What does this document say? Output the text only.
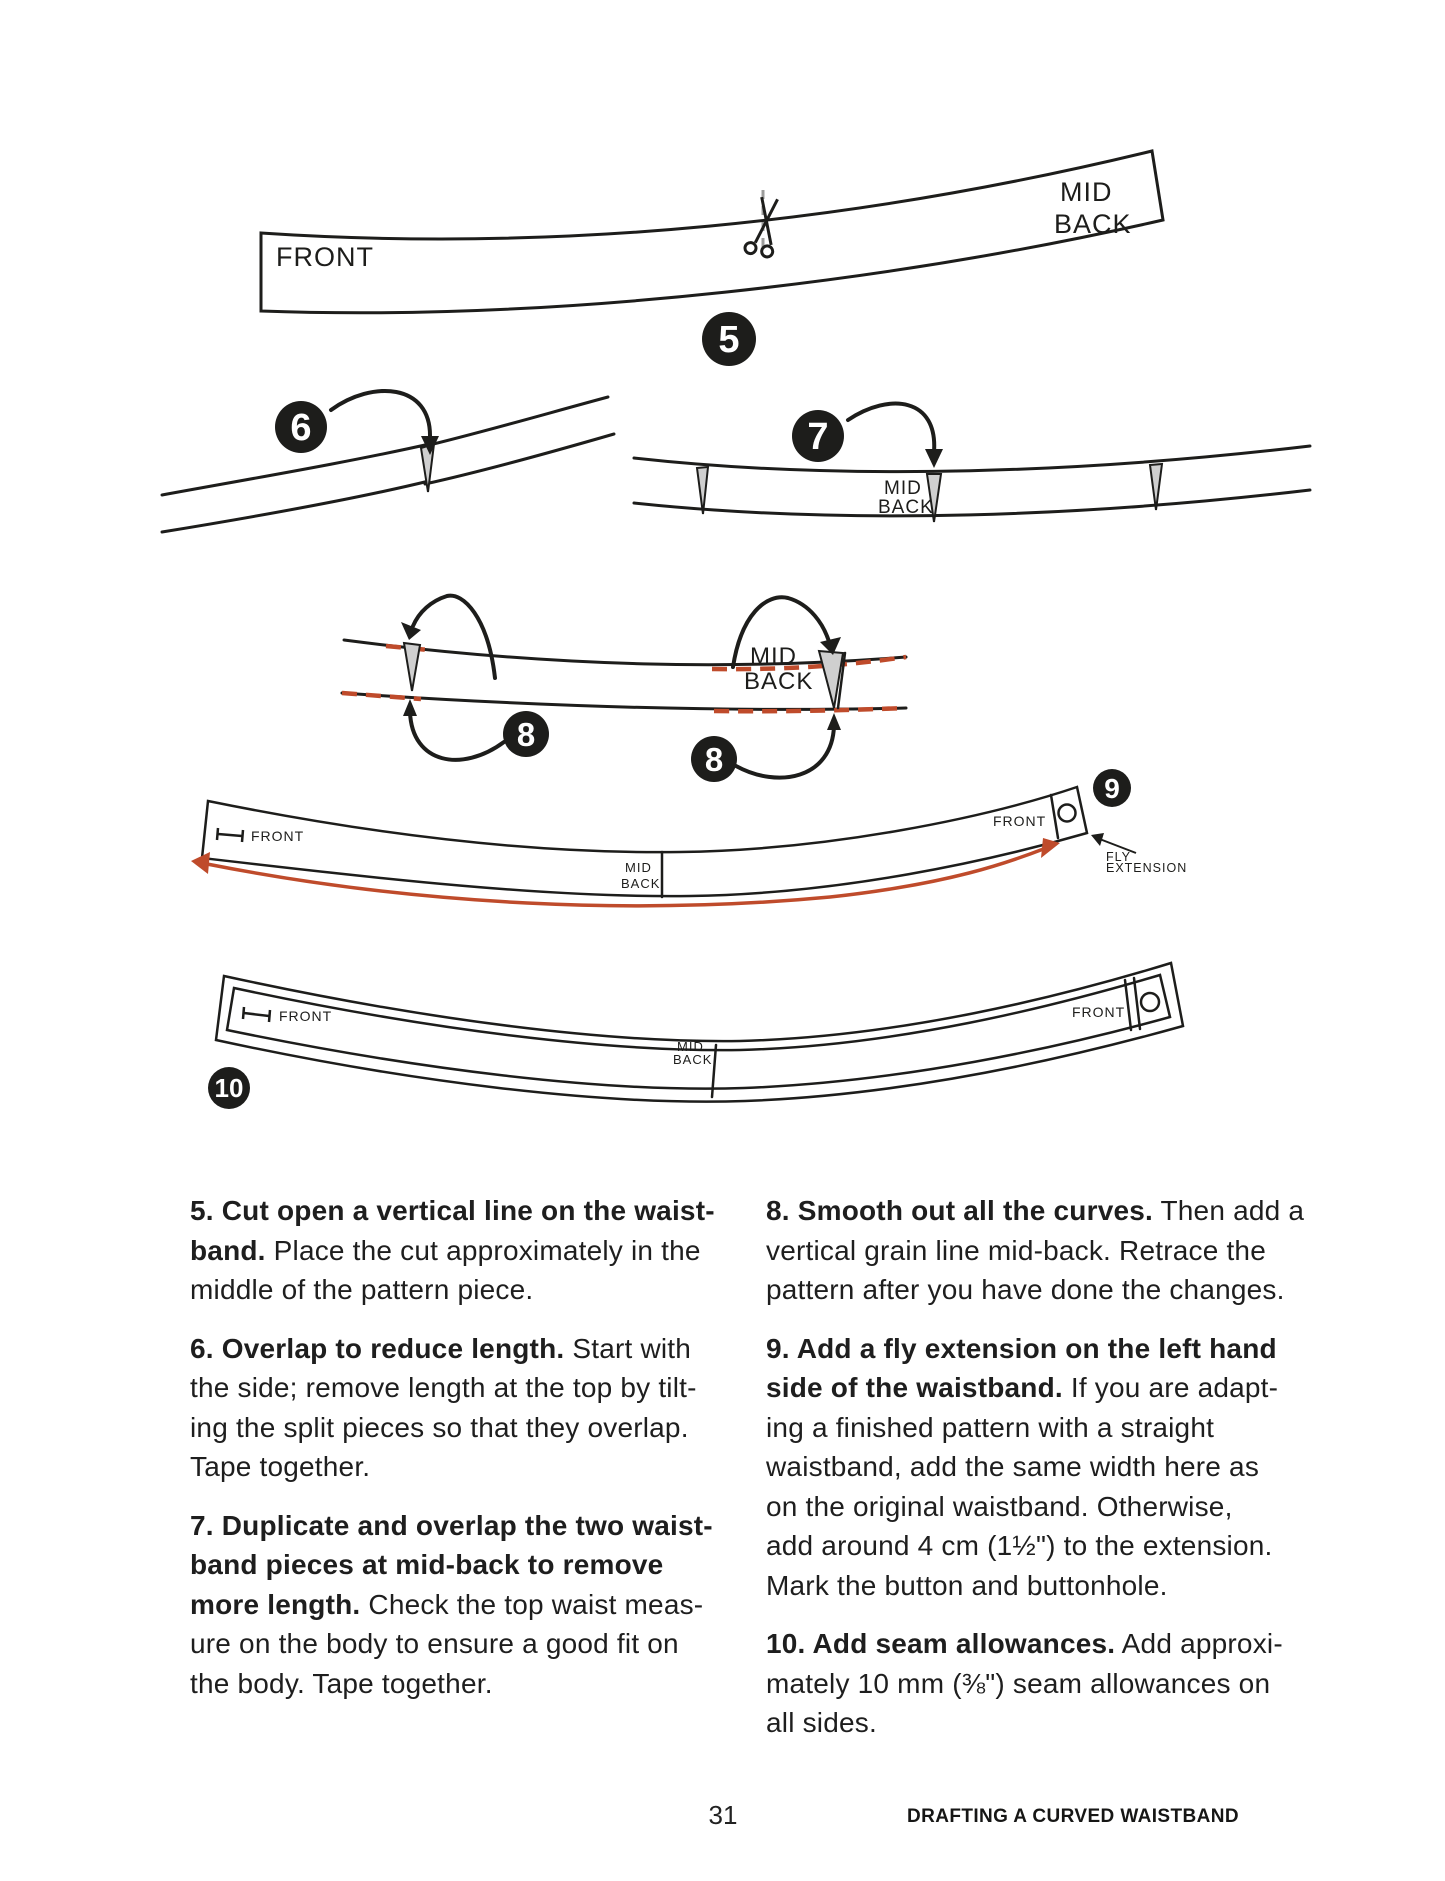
FRONT
MID
BACK
5
6
MID
BACK
7
MID
BACK
8
8
FRONT
MID
BACK
FRONT
9
FLY
EXTENSION
FRONT
MID
BACK
FRONT
10
5. Cut open a vertical line on the waist-
band. Place the cut approximately in the
middle of the pattern piece.
6. Overlap to reduce length. Start with
the side; remove length at the top by tilt-
ing the split pieces so that they overlap.
Tape together.
7. Duplicate and overlap the two waist-
band pieces at mid-back to remove
more length. Check the top waist meas-
ure on the body to ensure a good fit on
the body. Tape together.
8. Smooth out all the curves. Then add a
vertical grain line mid-back. Retrace the
pattern after you have done the changes.
9. Add a fly extension on the left hand
side of the waistband. If you are adapt-
ing a finished pattern with a straight
waistband, add the same width here as
on the original waistband. Otherwise,
add around 4 cm (1½") to the extension.
Mark the button and buttonhole.
10. Add seam allowances. Add approxi-
mately 10 mm (⅜") seam allowances on
all sides.
31	DRAFTING A CURVED WAISTBAND
